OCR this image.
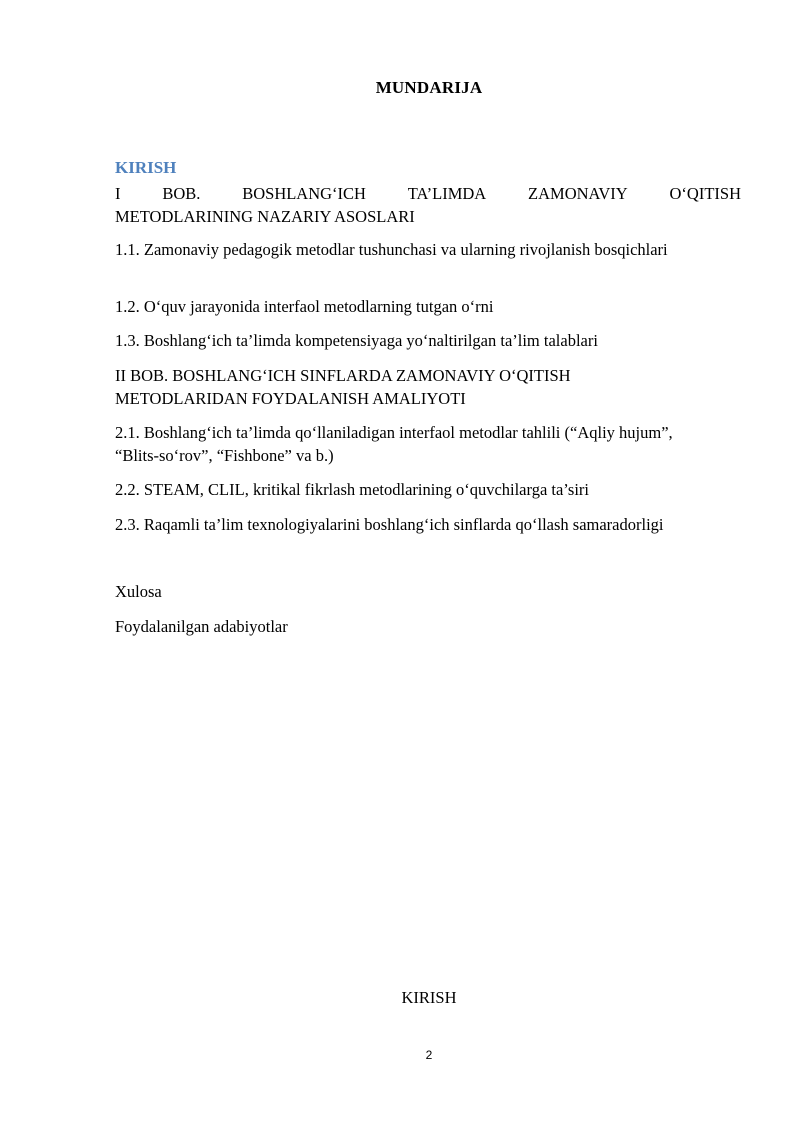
MUNDARIJA
KIRISH
I	BOB.	BOSHLANG‘ICH	TA’LIMDA	ZAMONAVIY	O‘QITISH
METODLARINING NAZARIY ASOSLARI
1.1. Zamonaviy pedagogik metodlar tushunchasi va ularning rivojlanish bosqichlari
1.2. O‘quv jarayonida interfaol metodlarning tutgan o‘rni
1.3. Boshlang‘ich ta’limda kompetensiyaga yo‘naltirilgan ta’lim talablari
II BOB. BOSHLANG‘ICH SINFLARDA ZAMONAVIY O‘QITISH METODLARIDAN FOYDALANISH AMALIYOTI
2.1. Boshlang‘ich ta’limda qo‘llaniladigan interfaol metodlar tahlili (“Aqliy hujum”, “Blits-so‘rov”, “Fishbone” va b.)
2.2. STEAM, CLIL, kritikal fikrlash metodlarining o‘quvchilarga ta’siri
2.3. Raqamli ta’lim texnologiyalarini boshlang‘ich sinflarda qo‘llash samaradorligi
Xulosa
Foydalanilgan adabiyotlar
KIRISH
2
